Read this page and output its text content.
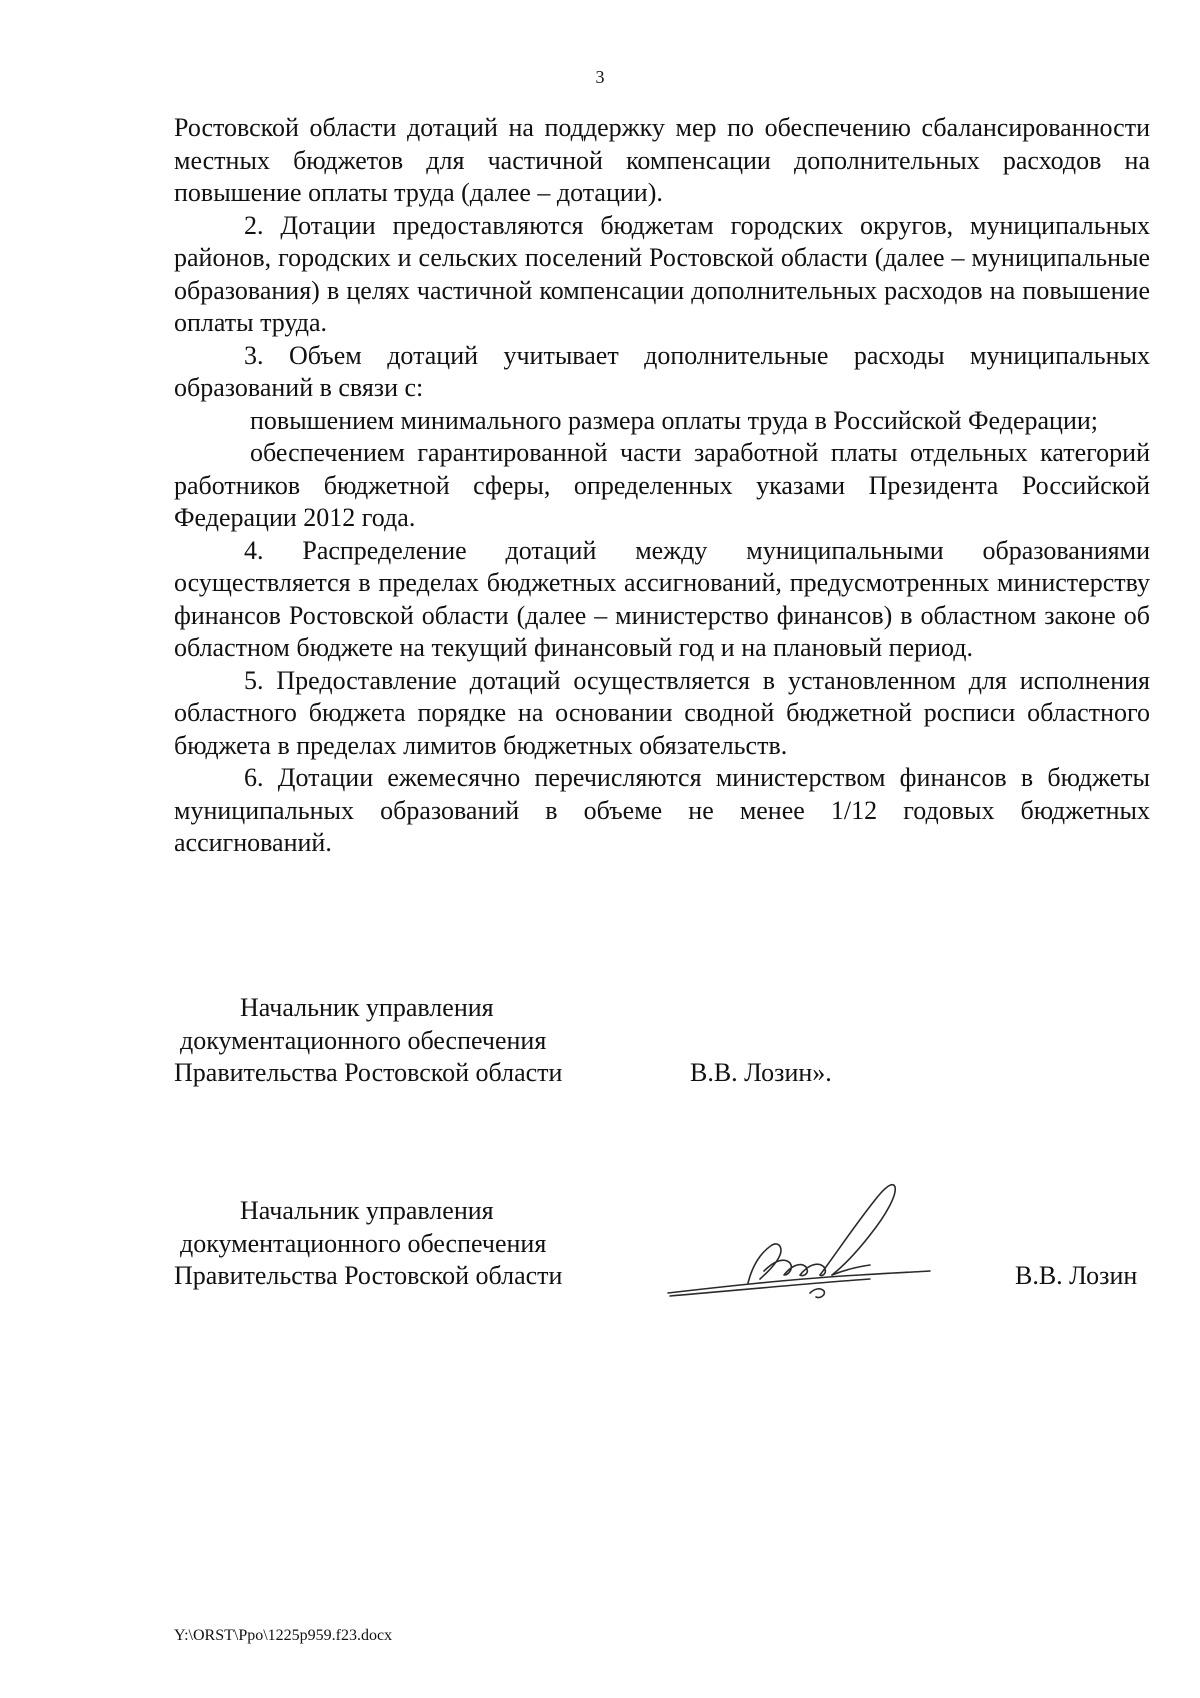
3

Ростовской области дотаций на поддержку мер по обеспечению сбалансированности местных бюджетов для частичной компенсации дополнительных расходов на повышение оплаты труда (далее – дотации).

2. Дотации предоставляются бюджетам городских округов, муниципальных районов, городских и сельских поселений Ростовской области (далее – муниципальные образования) в целях частичной компенсации дополнительных расходов на повышение оплаты труда.

3. Объем дотаций учитывает дополнительные расходы муниципальных образований в связи с:

повышением минимального размера оплаты труда в Российской Федерации;

обеспечением гарантированной части заработной платы отдельных категорий работников бюджетной сферы, определенных указами Президента Российской Федерации 2012 года.

4. Распределение дотаций между муниципальными образованиями осуществляется в пределах бюджетных ассигнований, предусмотренных министерству финансов Ростовской области (далее – министерство финансов) в областном законе об областном бюджете на текущий финансовый год и на плановый период.

5. Предоставление дотаций осуществляется в установленном для исполнения областного бюджета порядке на основании сводной бюджетной росписи областного бюджета в пределах лимитов бюджетных обязательств.

6. Дотации ежемесячно перечисляются министерством финансов в бюджеты муниципальных образований в объеме не менее 1/12 годовых бюджетных ассигнований.

Начальник управления
документационного обеспечения
Правительства Ростовской области	В.В. Лозин».
Начальник управления
документационного обеспечения
Правительства Ростовской области	В.В. Лозин
Y:\ORST\Ppo\1225p959.f23.docx
